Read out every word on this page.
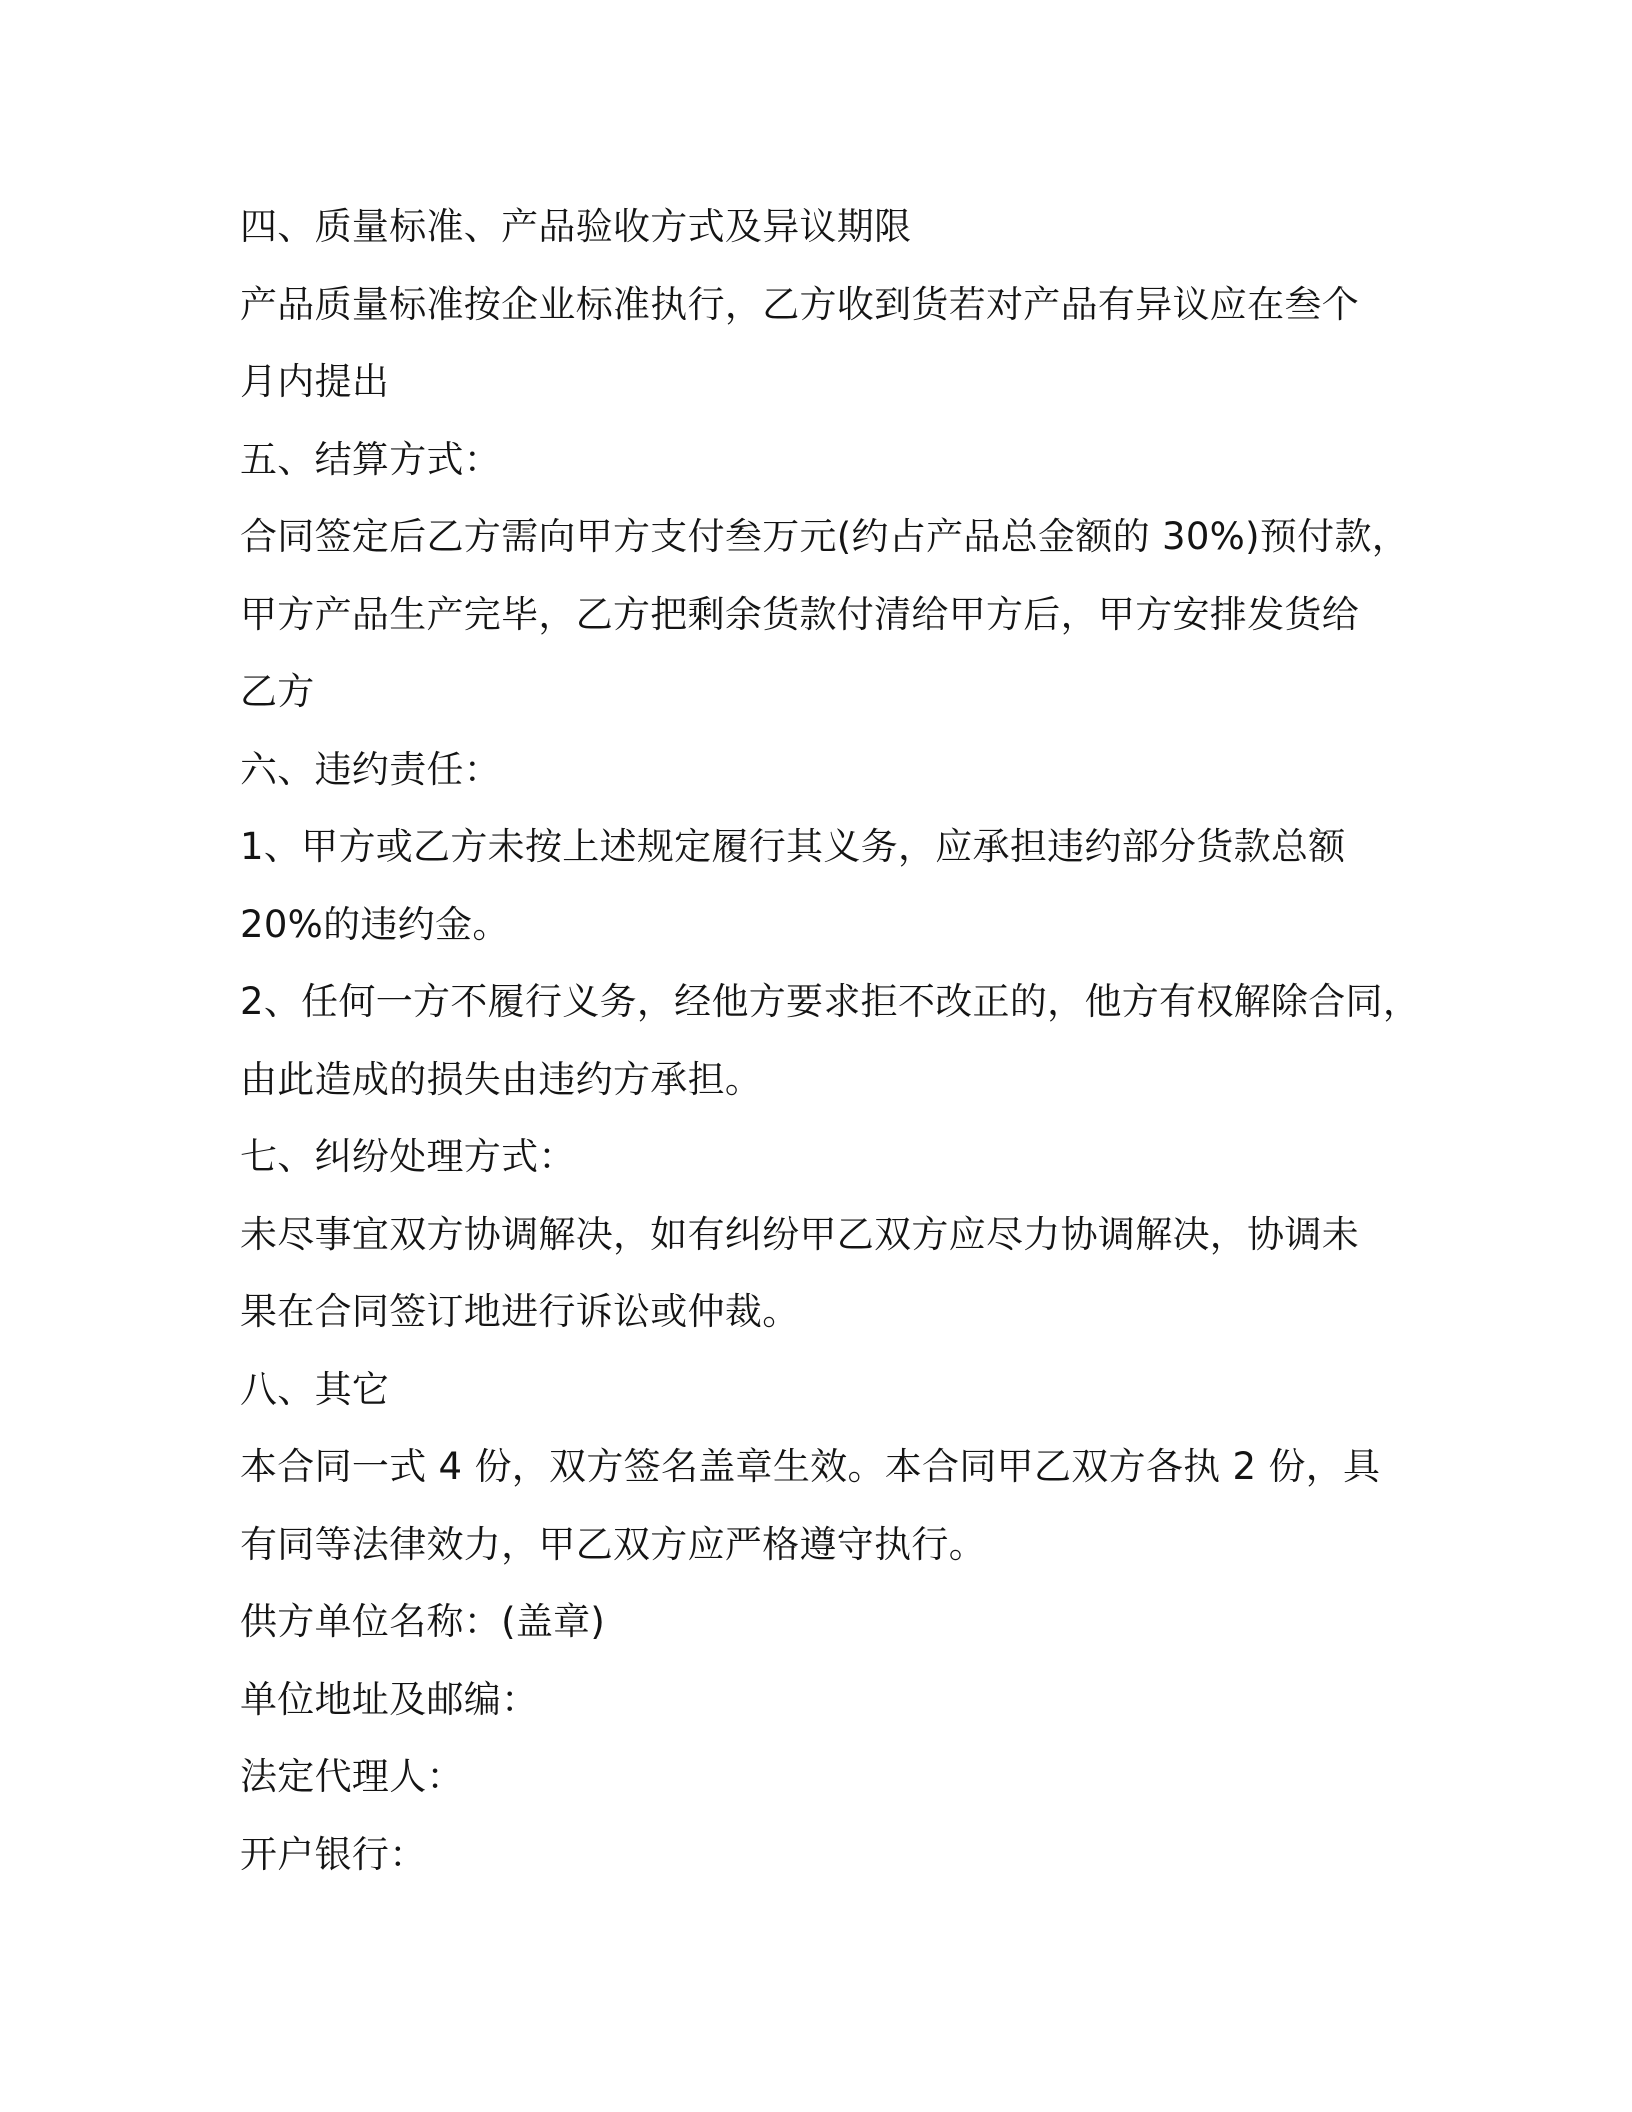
四、质量标准、产品验收方式及异议期限
产品质量标准按企业标准执行，乙方收到货若对产品有异议应在叁个
月内提出
五、结算方式：
合同签定后乙方需向甲方支付叁万元(约占产品总金额的 30%)预付款，
甲方产品生产完毕，乙方把剩余货款付清给甲方后，甲方安排发货给
乙方
六、违约责任：
1、甲方或乙方未按上述规定履行其义务，应承担违约部分货款总额
20%的违约金。
2、任何一方不履行义务，经他方要求拒不改正的，他方有权解除合同，
由此造成的损失由违约方承担。
七、纠纷处理方式：
未尽事宜双方协调解决，如有纠纷甲乙双方应尽力协调解决，协调未
果在合同签订地进行诉讼或仲裁。
八、其它
本合同一式 4 份，双方签名盖章生效。本合同甲乙双方各执 2 份，具
有同等法律效力，甲乙双方应严格遵守执行。
供方单位名称：(盖章)
单位地址及邮编：
法定代理人：
开户银行：
